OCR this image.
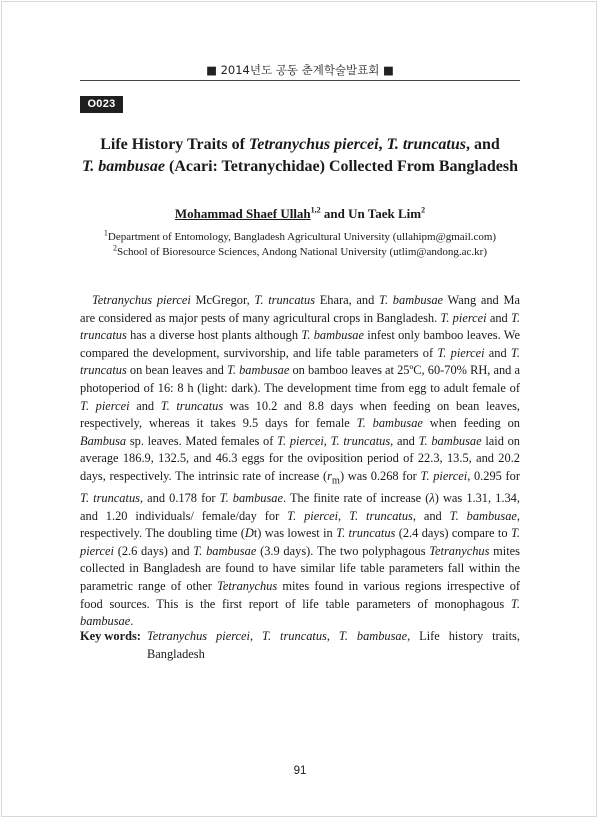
■ 2014년도 공동 춘계학술발표회 ■
O023
Life History Traits of Tetranychus piercei, T. truncatus, and
T. bambusae (Acari: Tetranychidae) Collected From Bangladesh
Mohammad Shaef Ullah$^{1,2}$ and Un Taek Lim$^2$
$^1$Department of Entomology, Bangladesh Agricultural University (ullahipm@gmail.com)
$^2$School of Bioresource Sciences, Andong National University (utlim@andong.ac.kr)
Tetranychus piercei McGregor, T. truncatus Ehara, and T. bambusae Wang and Ma are considered as major pests of many agricultural crops in Bangladesh. T. piercei and T. truncatus has a diverse host plants although T. bambusae infest only bamboo leaves. We compared the development, survivorship, and life table parameters of T. piercei and T. truncatus on bean leaves and T. bambusae on bamboo leaves at 25ºC, 60-70% RH, and a photoperiod of 16: 8 h (light: dark). The development time from egg to adult female of T. piercei and T. truncatus was 10.2 and 8.8 days when feeding on bean leaves, respectively, whereas it takes 9.5 days for female T. bambusae when feeding on Bambusa sp. leaves. Mated females of T. piercei, T. truncatus, and T. bambusae laid on average 186.9, 132.5, and 46.3 eggs for the oviposition period of 22.3, 13.5, and 20.2 days, respectively. The intrinsic rate of increase $(r_m)$ was 0.268 for T. piercei, 0.295 for T. truncatus, and 0.178 for T. bambusae. The finite rate of increase (λ) was 1.31, 1.34, and 1.20 individuals/ female/day for T. piercei, T. truncatus, and T. bambusae, respectively. The doubling time (Dt) was lowest in T. truncatus (2.4 days) compare to T. piercei (2.6 days) and T. bambusae (3.9 days). The two polyphagous Tetranychus mites collected in Bangladesh are found to have similar life table parameters fall within the parametric range of other Tetranychus mites found in various regions irrespective of food sources. This is the first report of life table parameters of monophagous T. bambusae.
Key words: Tetranychus piercei, T. truncatus, T. bambusae, Life history traits, Bangladesh
91
